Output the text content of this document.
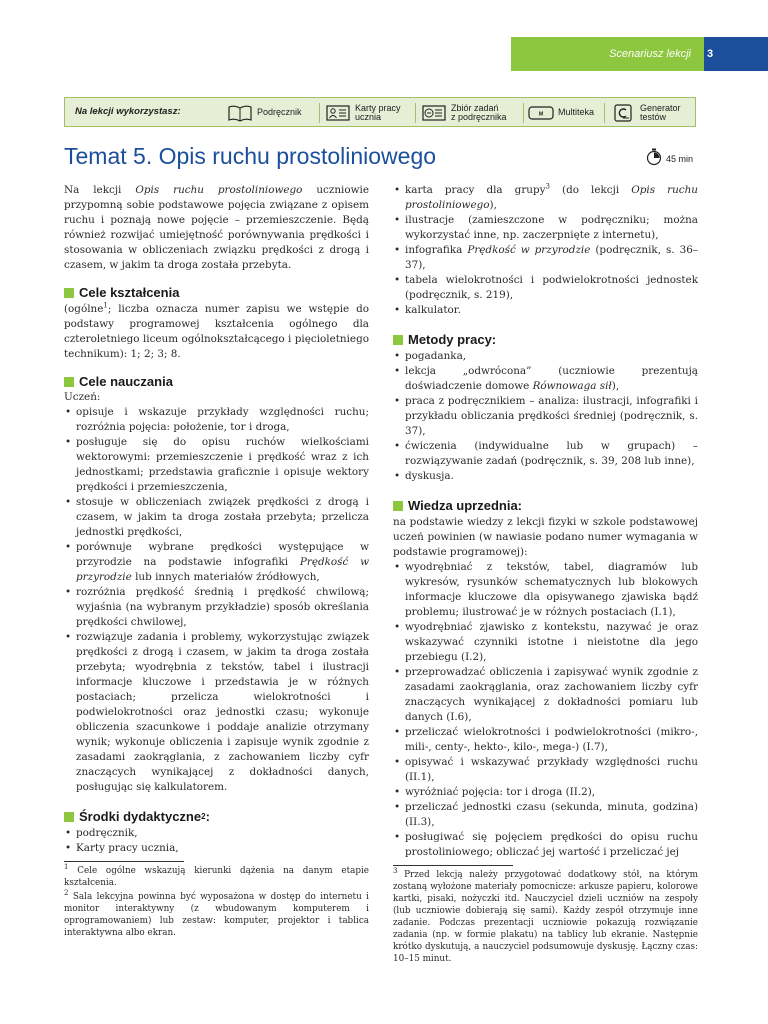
Scenariusz lekcji 3
Na lekcji wykorzystasz:	Podręcznik	Karty pracy
ucznia
Zbiór zadań
z podręcznika	M Multiteka	Generator
testów
Temat 5. Opis ruchu prostoliniowego	45 min

Na lekcji Opis ruchu prostoliniowego uczniowie przypomną sobie podstawowe pojęcia związane z opisem ruchu i poznają nowe pojęcie – przemieszczenie. Będą również rozwijać umiejętność porównywania prędkości i stosowania w obliczeniach związku prędkości z drogą i czasem, w jakim ta droga została przebyta.

Cele kształcenia

(ogólne$^1$; liczba oznacza numer zapisu we wstępie do podstawy programowej kształcenia ogólnego dla czteroletniego liceum ogólnokształcącego i pięcioletniego technikum): 1; 2; 3; 8.

Cele nauczania

Uczeń:

• opisuje i wskazuje przykłady względności ruchu; rozróżnia pojęcia: położenie, tor i droga,
• posługuje się do opisu ruchów wielkościami wektorowymi: przemieszczenie i prędkość wraz z ich jednostkami; przedstawia graficznie i opisuje wektory prędkości i przemieszczenia,
• stosuje w obliczeniach związek prędkości z drogą i czasem, w jakim ta droga została przebyta; przelicza jednostki prędkości,
• porównuje wybrane prędkości występujące w przyrodzie na podstawie infografiki Prędkość w przyrodzie lub innych materiałów źródłowych,
• rozróżnia prędkość średnią i prędkość chwilową; wyjaśnia (na wybranym przykładzie) sposób określania prędkości chwilowej,
• rozwiązuje zadania i problemy, wykorzystując związek prędkości z drogą i czasem, w jakim ta droga została przebyta; wyodrębnia z tekstów, tabel i ilustracji informacje kluczowe i przedstawia je w różnych postaciach; przelicza wielokrotności i podwielokrotności oraz jednostki czasu; wykonuje obliczenia szacunkowe i poddaje analizie otrzymany wynik; wykonuje obliczenia i zapisuje wynik zgodnie z zasadami zaokrąglania, z zachowaniem liczby cyfr znaczących wynikającej z dokładności danych, posługując się kalkulatorem.
Środki dydaktyczne 2 :
• podręcznik,
• Karty pracy ucznia,

$^1$ Cele ogólne wskazują kierunki dążenia na danym etapie kształcenia.

$^2$ Sala lekcyjna powinna być wyposażona w dostęp do internetu i monitor interaktywny (z wbudowanym komputerem i oprogramowaniem) lub zestaw: komputer, projektor i tablica interaktywna albo ekran.

• karta pracy dla grupy$^3$ (do lekcji Opis ruchu prostoliniowego),
• ilustracje (zamieszczone w podręczniku; można wykorzystać inne, np. zaczerpnięte z internetu),
• infografika Prędkość w przyrodzie (podręcznik, s. 36–37),
• tabela wielokrotności i podwielokrotności jednostek (podręcznik, s. 219),
• kalkulator.
Metody pracy:
• pogadanka,
• lekcja „odwrócona” (uczniowie prezentują doświadczenie domowe Równowaga sił),
• praca z podręcznikiem – analiza: ilustracji, infografiki i przykładu obliczania prędkości średniej (podręcznik, s. 37),
• ćwiczenia (indywidualne lub w grupach) – rozwiązywanie zadań (podręcznik, s. 39, 208 lub inne),
• dyskusja.
Wiedza uprzednia:

na podstawie wiedzy z lekcji fizyki w szkole podstawowej uczeń powinien (w nawiasie podano numer wymagania w podstawie programowej):

• wyodrębniać z tekstów, tabel, diagramów lub wykresów, rysunków schematycznych lub blokowych informacje kluczowe dla opisywanego zjawiska bądź problemu; ilustrować je w różnych postaciach (I.1),
• wyodrębniać zjawisko z kontekstu, nazywać je oraz wskazywać czynniki istotne i nieistotne dla jego przebiegu (I.2),
• przeprowadzać obliczenia i zapisywać wynik zgodnie z zasadami zaokrąglania, oraz zachowaniem liczby cyfr znaczących wynikającej z dokładności pomiaru lub danych (I.6),
• przeliczać wielokrotności i podwielokrotności (mikro-, mili-, centy-, hekto-, kilo-, mega-) (I.7),
• opisywać i wskazywać przykłady względności ruchu (II.1),
• wyróżniać pojęcia: tor i droga (II.2),
• przeliczać jednostki czasu (sekunda, minuta, godzina) (II.3),
• posługiwać się pojęciem prędkości do opisu ruchu prostoliniowego; obliczać jej wartość i przeliczać jej

$^3$ Przed lekcją należy przygotować dodatkowy stół, na którym zostaną wyłożone materiały pomocnicze: arkusze papieru, kolorowe kartki, pisaki, nożyczki itd. Nauczyciel dzieli uczniów na zespoły (lub uczniowie dobierają się sami). Każdy zespół otrzymuje inne zadanie. Podczas prezentacji uczniowie pokazują rozwiązanie zadania (np. w formie plakatu) na tablicy lub ekranie. Następnie krótko dyskutują, a nauczyciel podsumowuje dyskusję. Łączny czas: 10–15 minut.
